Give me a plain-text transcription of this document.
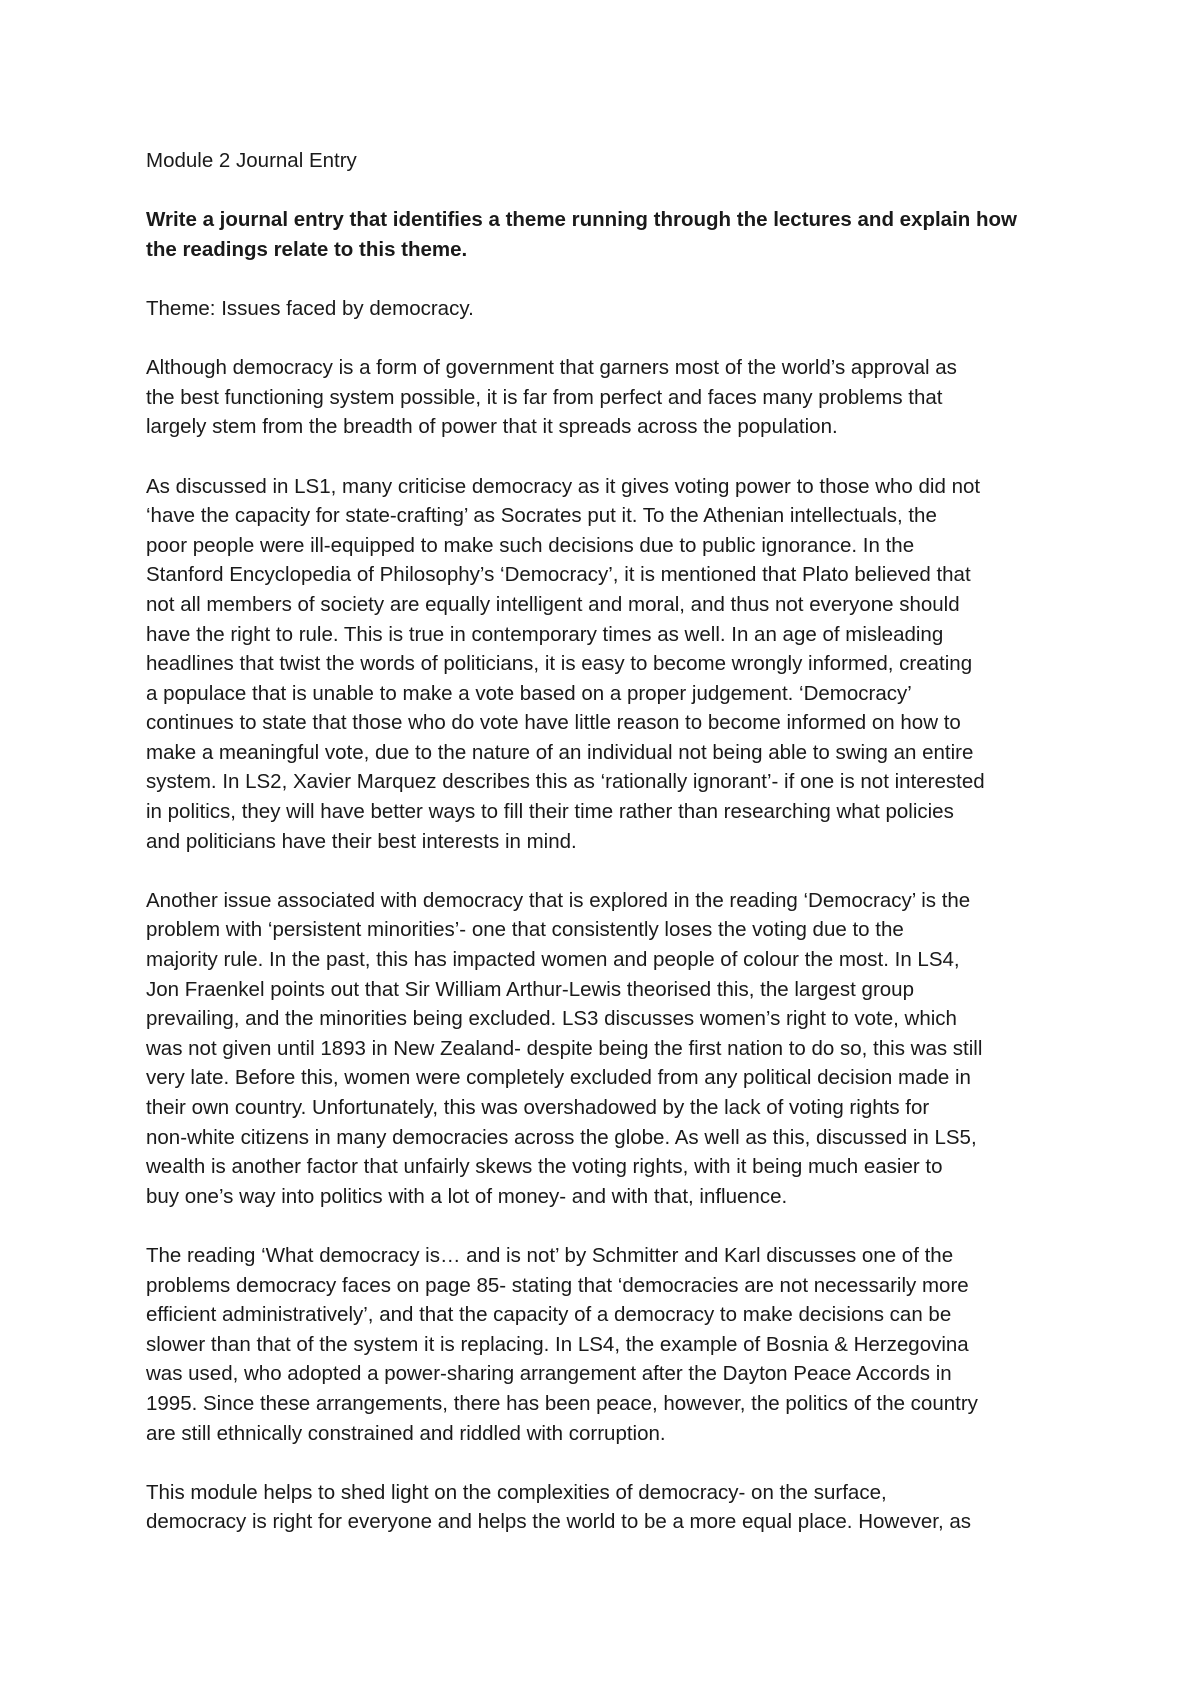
Module 2 Journal Entry
Write a journal entry that identifies a theme running through the lectures and explain how
the readings relate to this theme.
Theme: Issues faced by democracy.
Although democracy is a form of government that garners most of the world’s approval as
the best functioning system possible, it is far from perfect and faces many problems that
largely stem from the breadth of power that it spreads across the population.
As discussed in LS1, many criticise democracy as it gives voting power to those who did not
‘have the capacity for state-crafting’ as Socrates put it. To the Athenian intellectuals, the
poor people were ill-equipped to make such decisions due to public ignorance. In the
Stanford Encyclopedia of Philosophy’s ‘Democracy’, it is mentioned that Plato believed that
not all members of society are equally intelligent and moral, and thus not everyone should
have the right to rule. This is true in contemporary times as well. In an age of misleading
headlines that twist the words of politicians, it is easy to become wrongly informed, creating
a populace that is unable to make a vote based on a proper judgement. ‘Democracy’
continues to state that those who do vote have little reason to become informed on how to
make a meaningful vote, due to the nature of an individual not being able to swing an entire
system. In LS2, Xavier Marquez describes this as ‘rationally ignorant’- if one is not interested
in politics, they will have better ways to fill their time rather than researching what policies
and politicians have their best interests in mind.
Another issue associated with democracy that is explored in the reading ‘Democracy’ is the
problem with ‘persistent minorities’- one that consistently loses the voting due to the
majority rule. In the past, this has impacted women and people of colour the most. In LS4,
Jon Fraenkel points out that Sir William Arthur-Lewis theorised this, the largest group
prevailing, and the minorities being excluded. LS3 discusses women’s right to vote, which
was not given until 1893 in New Zealand- despite being the first nation to do so, this was still
very late. Before this, women were completely excluded from any political decision made in
their own country. Unfortunately, this was overshadowed by the lack of voting rights for
non-white citizens in many democracies across the globe. As well as this, discussed in LS5,
wealth is another factor that unfairly skews the voting rights, with it being much easier to
buy one’s way into politics with a lot of money- and with that, influence.
The reading ‘What democracy is… and is not’ by Schmitter and Karl discusses one of the
problems democracy faces on page 85- stating that ‘democracies are not necessarily more
efficient administratively’, and that the capacity of a democracy to make decisions can be
slower than that of the system it is replacing. In LS4, the example of Bosnia & Herzegovina
was used, who adopted a power-sharing arrangement after the Dayton Peace Accords in
1995. Since these arrangements, there has been peace, however, the politics of the country
are still ethnically constrained and riddled with corruption.
This module helps to shed light on the complexities of democracy- on the surface,
democracy is right for everyone and helps the world to be a more equal place. However, as
